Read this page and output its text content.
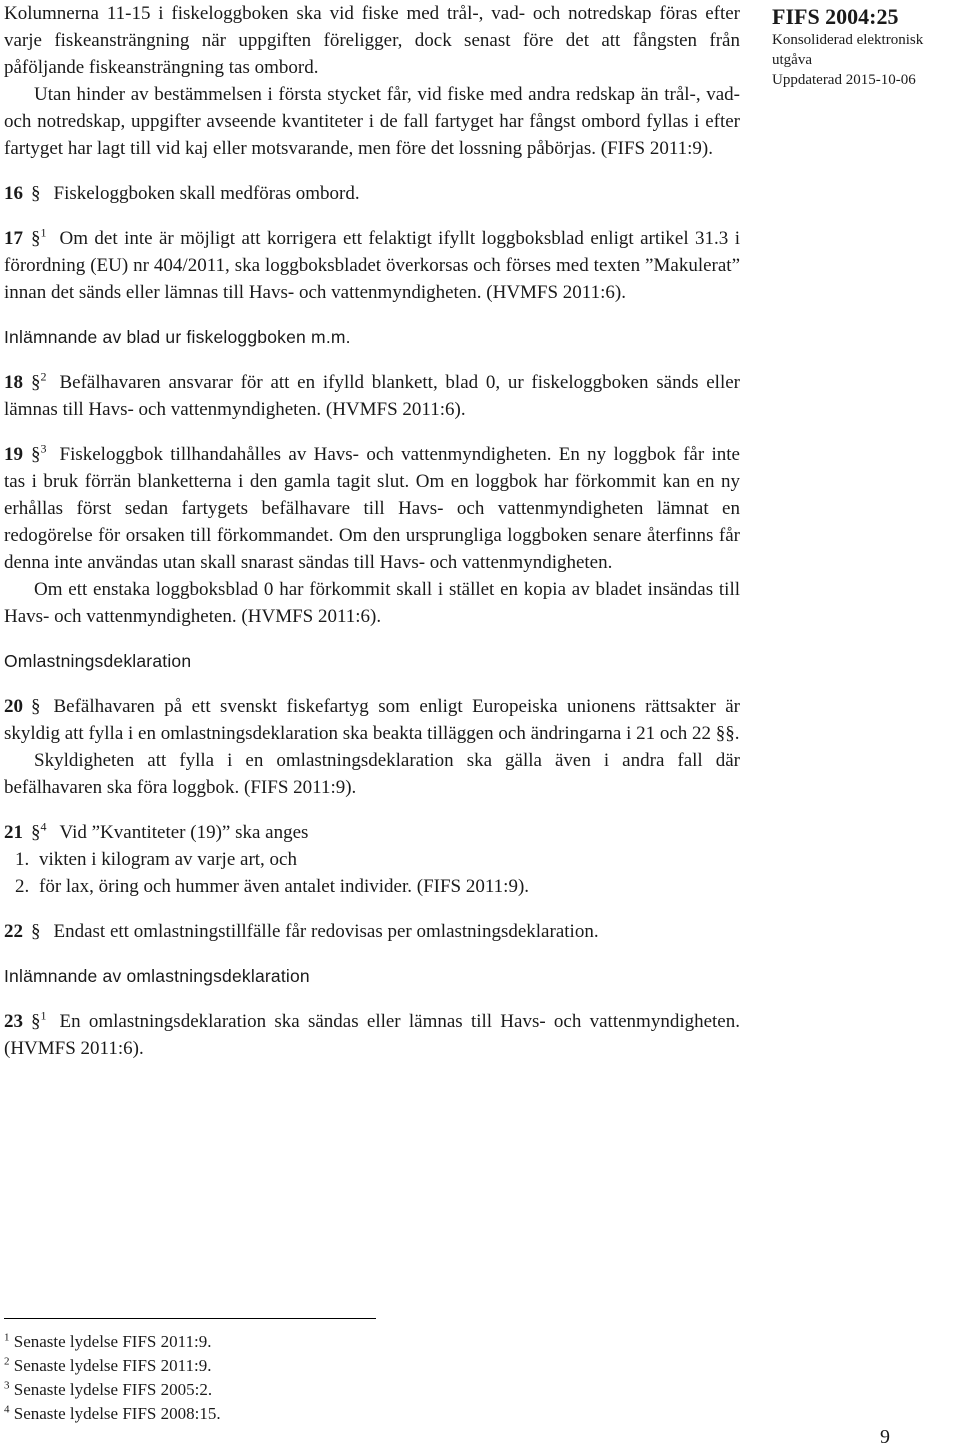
FIFS 2004:25
Konsoliderad elektronisk
utgåva
Uppdaterad 2015-10-06

Kolumnerna 11-15 i fiskeloggboken ska vid fiske med trål-, vad- och notredskap föras efter varje fiskeansträngning när uppgiften föreligger, dock senast före det att fångsten från påföljande fiskeansträngning tas ombord.

Utan hinder av bestämmelsen i första stycket får, vid fiske med andra redskap än trål-, vad- och notredskap, uppgifter avseende kvantiteter i de fall fartyget har fångst ombord fyllas i efter fartyget har lagt till vid kaj eller motsvarande, men före det lossning påbörjas. (FIFS 2011:9).

16 § Fiskeloggboken skall medföras ombord.

17 §$^1$ Om det inte är möjligt att korrigera ett felaktigt ifyllt loggboksblad enligt artikel 31.3 i förordning (EU) nr 404/2011, ska loggboksbladet överkorsas och förses med texten ”Makulerat” innan det sänds eller lämnas till Havs- och vattenmyndigheten. (HVMFS 2011:6).

Inlämnande av blad ur fiskeloggboken m.m.

18 §$^2$ Befälhavaren ansvarar för att en ifylld blankett, blad 0, ur fiskeloggboken sänds eller lämnas till Havs- och vattenmyndigheten. (HVMFS 2011:6).

19 §$^3$ Fiskeloggbok tillhandahålles av Havs- och vattenmyndigheten. En ny loggbok får inte tas i bruk förrän blanketterna i den gamla tagit slut. Om en loggbok har förkommit kan en ny erhållas först sedan fartygets befälhavare till Havs- och vattenmyndigheten lämnat en redogörelse för orsaken till förkommandet. Om den ursprungliga loggboken senare återfinns får denna inte användas utan skall snarast sändas till Havs- och vattenmyndigheten.

Om ett enstaka loggboksblad 0 har förkommit skall i stället en kopia av bladet insändas till Havs- och vattenmyndigheten. (HVMFS 2011:6).

Omlastningsdeklaration

20 § Befälhavaren på ett svenskt fiskefartyg som enligt Europeiska unionens rättsakter är skyldig att fylla i en omlastningsdeklaration ska beakta tilläggen och ändringarna i 21 och 22 §§.

Skyldigheten att fylla i en omlastningsdeklaration ska gälla även i andra fall där befälhavaren ska föra loggbok. (FIFS 2011:9).

21 §$^4$ Vid ”Kvantiteter (19)” ska anges

1. vikten i kilogram av varje art, och
2. för lax, öring och hummer även antalet individer. (FIFS 2011:9).

22 § Endast ett omlastningstillfälle får redovisas per omlastningsdeklaration.

Inlämnande av omlastningsdeklaration

23 §$^1$ En omlastningsdeklaration ska sändas eller lämnas till Havs- och vattenmyndigheten. (HVMFS 2011:6).

$^1$ Senaste lydelse FIFS 2011:9.
$^2$ Senaste lydelse FIFS 2011:9.
$^3$ Senaste lydelse FIFS 2005:2.
$^4$ Senaste lydelse FIFS 2008:15.
9
